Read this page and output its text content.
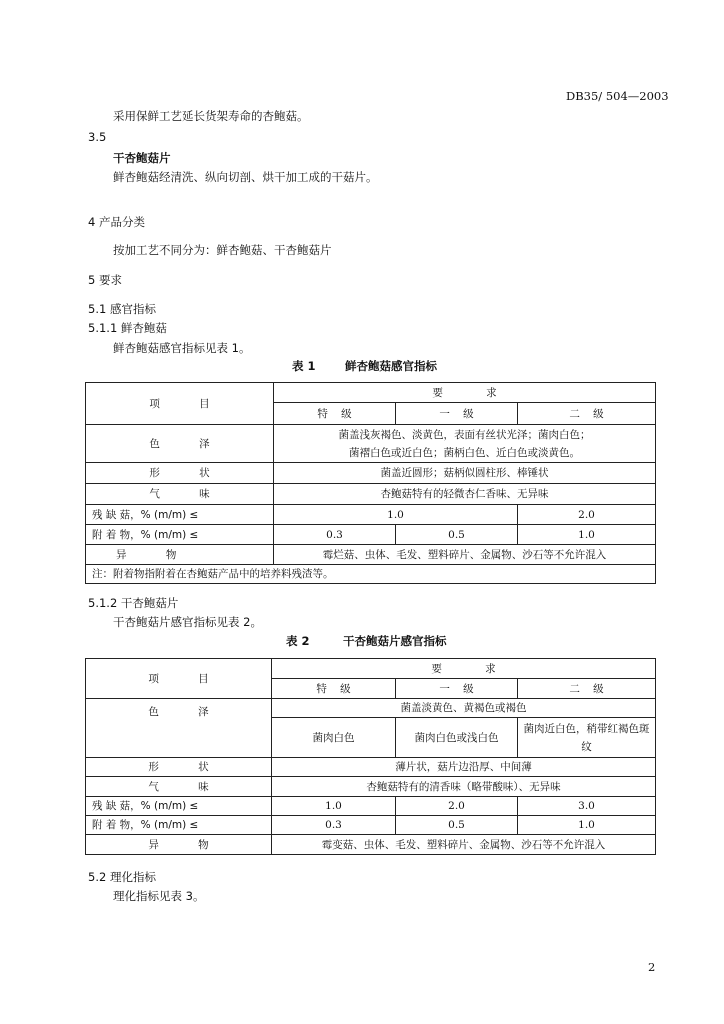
DB35/ 504—2003
采用保鲜工艺延长货架寿命的杏鲍菇。
3.5
干杏鲍菇片
鲜杏鲍菇经清洗、纵向切剖、烘干加工成的干菇片。
4 产品分类
按加工艺不同分为：鲜杏鲍菇、干杏鲍菇片
5 要求
5.1 感官指标
5.1.1 鲜杏鲍菇
鲜杏鲍菇感官指标见表 1。
表 1	鲜杏鲍菇感官指标
项 目	要 求		
	特 级	一 级	二 级
色 泽	菌盖浅灰褐色、淡黄色，表面有丝状光泽；菌肉白色；
菌褶白色或近白色；菌柄白色、近白色或淡黄色。		

形 状	菌盖近圆形；菇柄似圆柱形、棒锤状		
气 味	杏鲍菇特有的轻微杏仁香味、无异味		
残 缺 菇，% (m/m) ≤	1.0		2.0
附 着 物，% (m/m) ≤	0.3	0.5	1.0
异 物	霉烂菇、虫体、毛发、塑料碎片、金属物、沙石等不允许混入		
注：附着物指附着在杏鲍菇产品中的培养料残渣等。			
5.1.2 干杏鲍菇片
干杏鲍菇片感官指标见表 2。
表 2	干杏鲍菇片感官指标
项 目	要 求		
	特 级	一 级	二 级
色 泽	菌盖淡黄色、黄褐色或褐色		
	菌肉白色	菌肉白色或浅白色	菌肉近白色，稍带红褐色斑纹
形 状	薄片状，菇片边沿厚、中间薄		
气 味	杏鲍菇特有的清香味（略带酸味）、无异味		
残 缺 菇，% (m/m) ≤	1.0	2.0	3.0
附 着 物，% (m/m) ≤	0.3	0.5	1.0
异 物	霉变菇、虫体、毛发、塑料碎片、金属物、沙石等不允许混入		
5.2 理化指标
理化指标见表 3。
2
